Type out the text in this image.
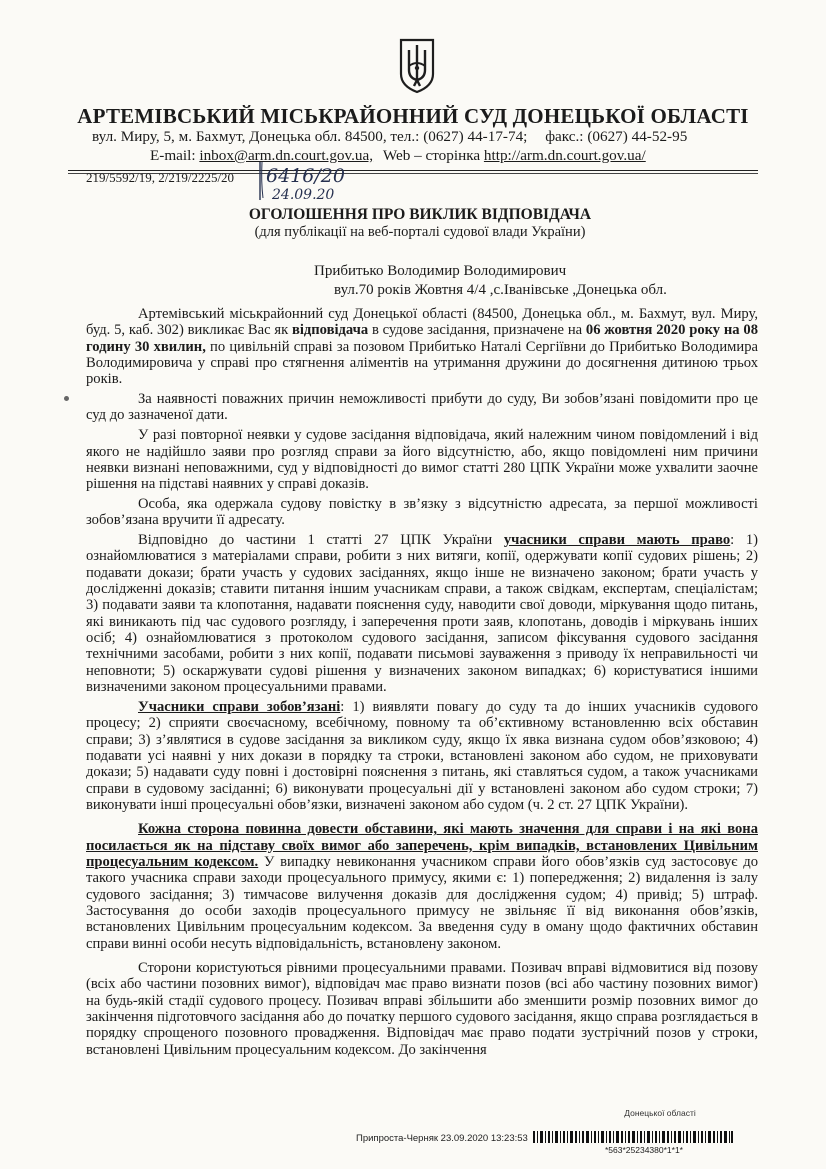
АРТЕМІВСЬКИЙ МІСЬКРАЙОННИЙ СУД ДОНЕЦЬКОЇ ОБЛАСТІ
вул. Миру, 5, м. Бахмут, Донецька обл. 84500, тел.: (0627) 44-17-74; факс.: (0627) 44-52-95
E-mail: inbox@arm.dn.court.gov.ua, Web – сторінка http://arm.dn.court.gov.ua/
219/5592/19, 2/219/2225/20 6416/20
24.09.20
ОГОЛОШЕННЯ ПРО ВИКЛИК ВІДПОВІДАЧА
(для публікації на веб-порталі судової влади України)
Прибитько Володимир Володимирович
вул.70 років Жовтня 4/4 ,с.Іванівське ,Донецька обл.

Артемівський міськрайонний суд Донецької області (84500, Донецька обл., м. Бахмут, вул. Миру, буд. 5, каб. 302) викликає Вас як відповідача в судове засідання, призначене на 06 жовтня 2020 року на 08 годину 30 хвилин, по цивільній справі за позовом Прибитько Наталі Сергіївни до Прибитько Володимира Володимировича у справі про стягнення аліментів на утримання дружини до досягнення дитиною трьох років.

За наявності поважних причин неможливості прибути до суду, Ви зобов’язані повідомити про це суд до зазначеної дати.

У разі повторної неявки у судове засідання відповідача, який належним чином повідомлений і від якого не надійшло заяви про розгляд справи за його відсутністю, або, якщо повідомлені ним причини неявки визнані неповажними, суд у відповідності до вимог статті 280 ЦПК України може ухвалити заочне рішення на підставі наявних у справі доказів.

Особа, яка одержала судову повістку в зв’язку з відсутністю адресата, за першої можливості зобов’язана вручити її адресату.

Відповідно до частини 1 статті 27 ЦПК України учасники справи мають право: 1) ознайомлюватися з матеріалами справи, робити з них витяги, копії, одержувати копії судових рішень; 2) подавати докази; брати участь у судових засіданнях, якщо інше не визначено законом; брати участь у дослідженні доказів; ставити питання іншим учасникам справи, а також свідкам, експертам, спеціалістам; 3) подавати заяви та клопотання, надавати пояснення суду, наводити свої доводи, міркування щодо питань, які виникають під час судового розгляду, і заперечення проти заяв, клопотань, доводів і міркувань інших осіб; 4) ознайомлюватися з протоколом судового засідання, записом фіксування судового засідання технічними засобами, робити з них копії, подавати письмові зауваження з приводу їх неправильності чи неповноти; 5) оскаржувати судові рішення у визначених законом випадках; 6) користуватися іншими визначеними законом процесуальними правами.

Учасники справи зобов’язані: 1) виявляти повагу до суду та до інших учасників судового процесу; 2) сприяти своєчасному, всебічному, повному та об’єктивному встановленню всіх обставин справи; 3) з’являтися в судове засідання за викликом суду, якщо їх явка визнана судом обов’язковою; 4) подавати усі наявні у них докази в порядку та строки, встановлені законом або судом, не приховувати докази; 5) надавати суду повні і достовірні пояснення з питань, які ставляться судом, а також учасниками справи в судовому засіданні; 6) виконувати процесуальні дії у встановлені законом або судом строки; 7) виконувати інші процесуальні обов’язки, визначені законом або судом (ч. 2 ст. 27 ЦПК України).

Кожна сторона повинна довести обставини, які мають значення для справи і на які вона посилається як на підставу своїх вимог або заперечень, крім випадків, встановлених Цивільним процесуальним кодексом. У випадку невиконання учасником справи його обов’язків суд застосовує до такого учасника справи заходи процесуального примусу, якими є: 1) попередження; 2) видалення із залу судового засідання; 3) тимчасове вилучення доказів для дослідження судом; 4) привід; 5) штраф. Застосування до особи заходів процесуального примусу не звільняє її від виконання обов’язків, встановлених Цивільним процесуальним кодексом. За введення суду в оману щодо фактичних обставин справи винні особи несуть відповідальність, встановлену законом.

Сторони користуються рівними процесуальними правами. Позивач вправі відмовитися від позову (всіх або частини позовних вимог), відповідач має право визнати позов (всі або частину позовних вимог) на будь-якій стадії судового процесу. Позивач вправі збільшити або зменшити розмір позовних вимог до закінчення підготовчого засідання або до початку першого судового засідання, якщо справа розглядається в порядку спрощеного позовного провадження. Відповідач має право подати зустрічний позов у строки, встановлені Цивільним процесуальним кодексом. До закінчення

Донецької області
Припроста-Черняк 23.09.2020 13:23:53
*563*25234380*1*1*
